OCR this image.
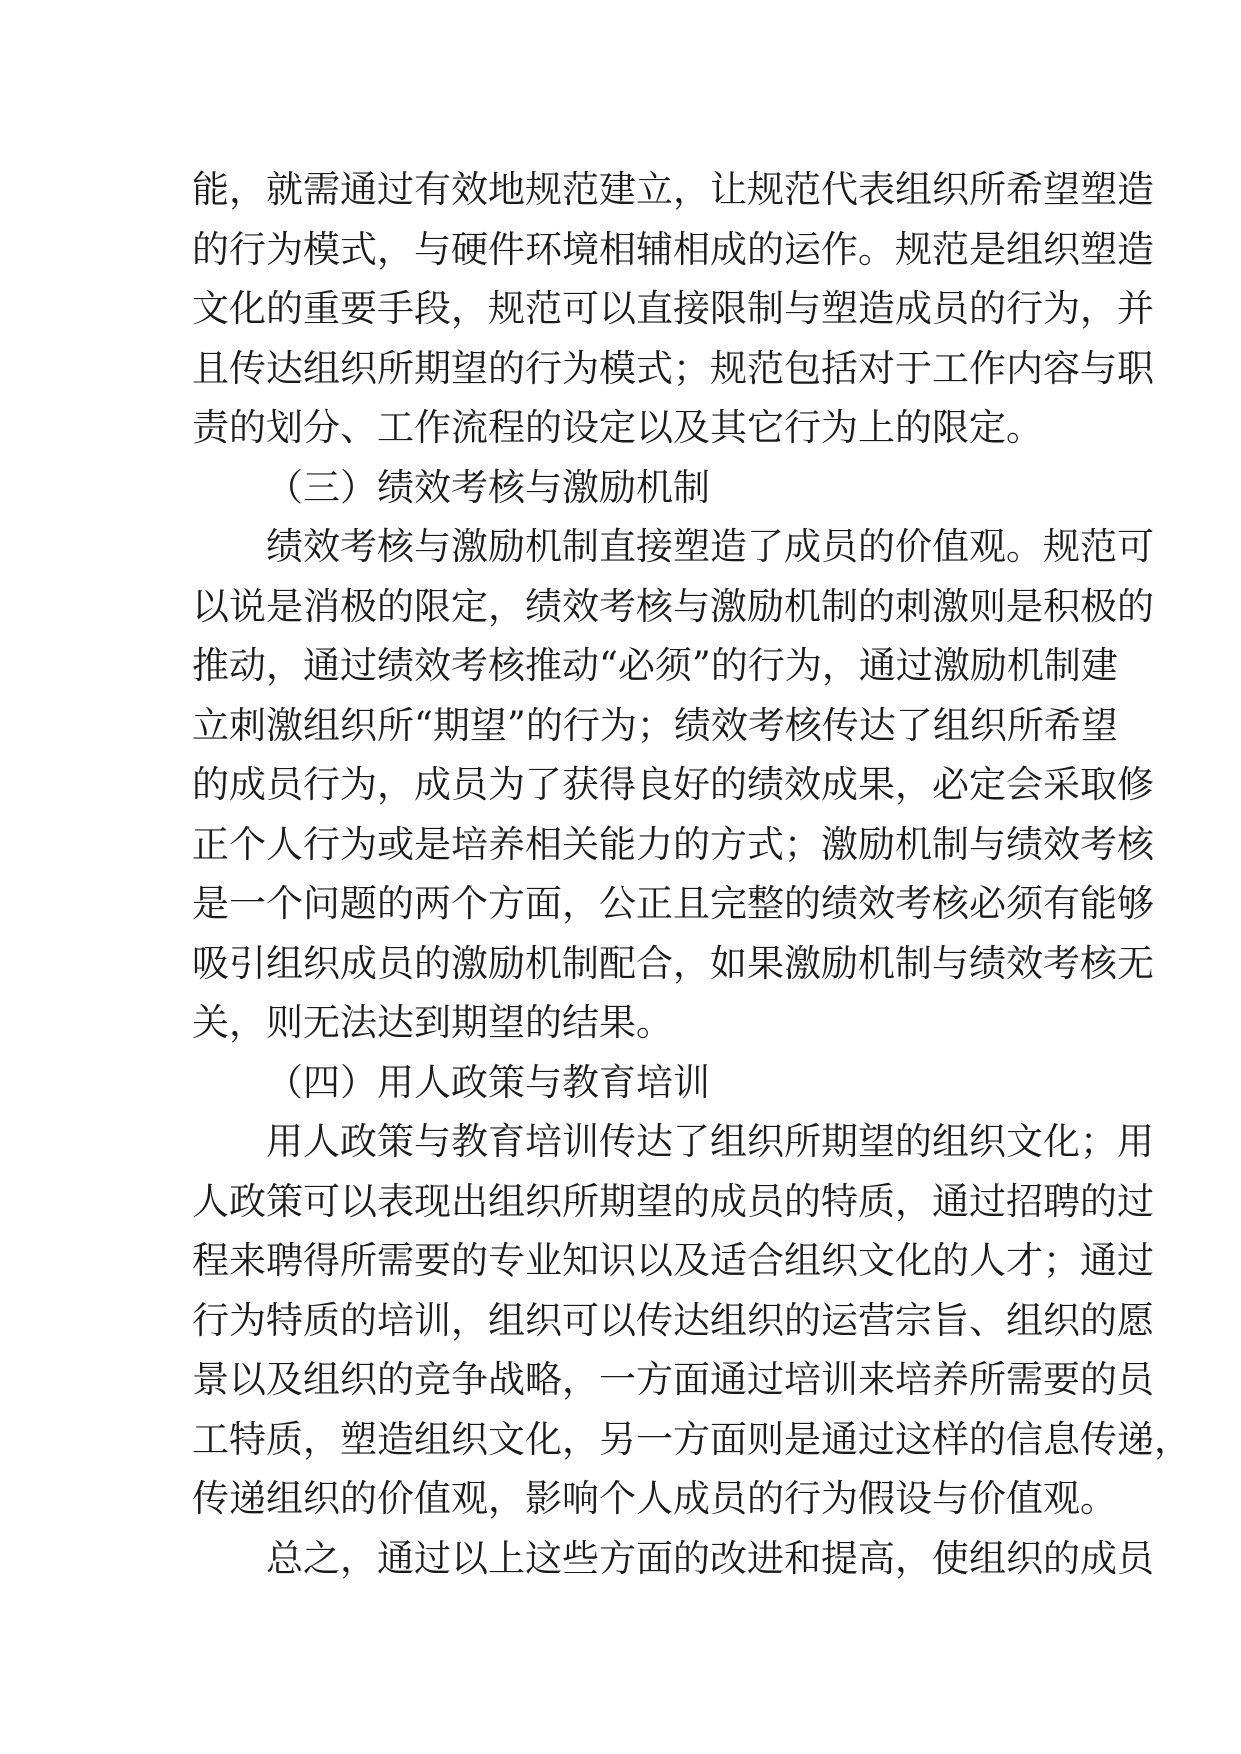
能，就需通过有效地规范建立，让规范代表组织所希望塑造
的行为模式，与硬件环境相辅相成的运作。规范是组织塑造
文化的重要手段，规范可以直接限制与塑造成员的行为，并
且传达组织所期望的行为模式；规范包括对于工作内容与职
责的划分、工作流程的设定以及其它行为上的限定。
（三）绩效考核与激励机制
绩效考核与激励机制直接塑造了成员的价值观。规范可
以说是消极的限定，绩效考核与激励机制的刺激则是积极的
推动，通过绩效考核推动“必须”的行为，通过激励机制建
立刺激组织所“期望”的行为；绩效考核传达了组织所希望
的成员行为，成员为了获得良好的绩效成果，必定会采取修
正个人行为或是培养相关能力的方式；激励机制与绩效考核
是一个问题的两个方面，公正且完整的绩效考核必须有能够
吸引组织成员的激励机制配合，如果激励机制与绩效考核无
关，则无法达到期望的结果。
（四）用人政策与教育培训
用人政策与教育培训传达了组织所期望的组织文化；用
人政策可以表现出组织所期望的成员的特质，通过招聘的过
程来聘得所需要的专业知识以及适合组织文化的人才；通过
行为特质的培训，组织可以传达组织的运营宗旨、组织的愿
景以及组织的竞争战略，一方面通过培训来培养所需要的员
工特质，塑造组织文化，另一方面则是通过这样的信息传递，
传递组织的价值观，影响个人成员的行为假设与价值观。
总之，通过以上这些方面的改进和提高，使组织的成员
